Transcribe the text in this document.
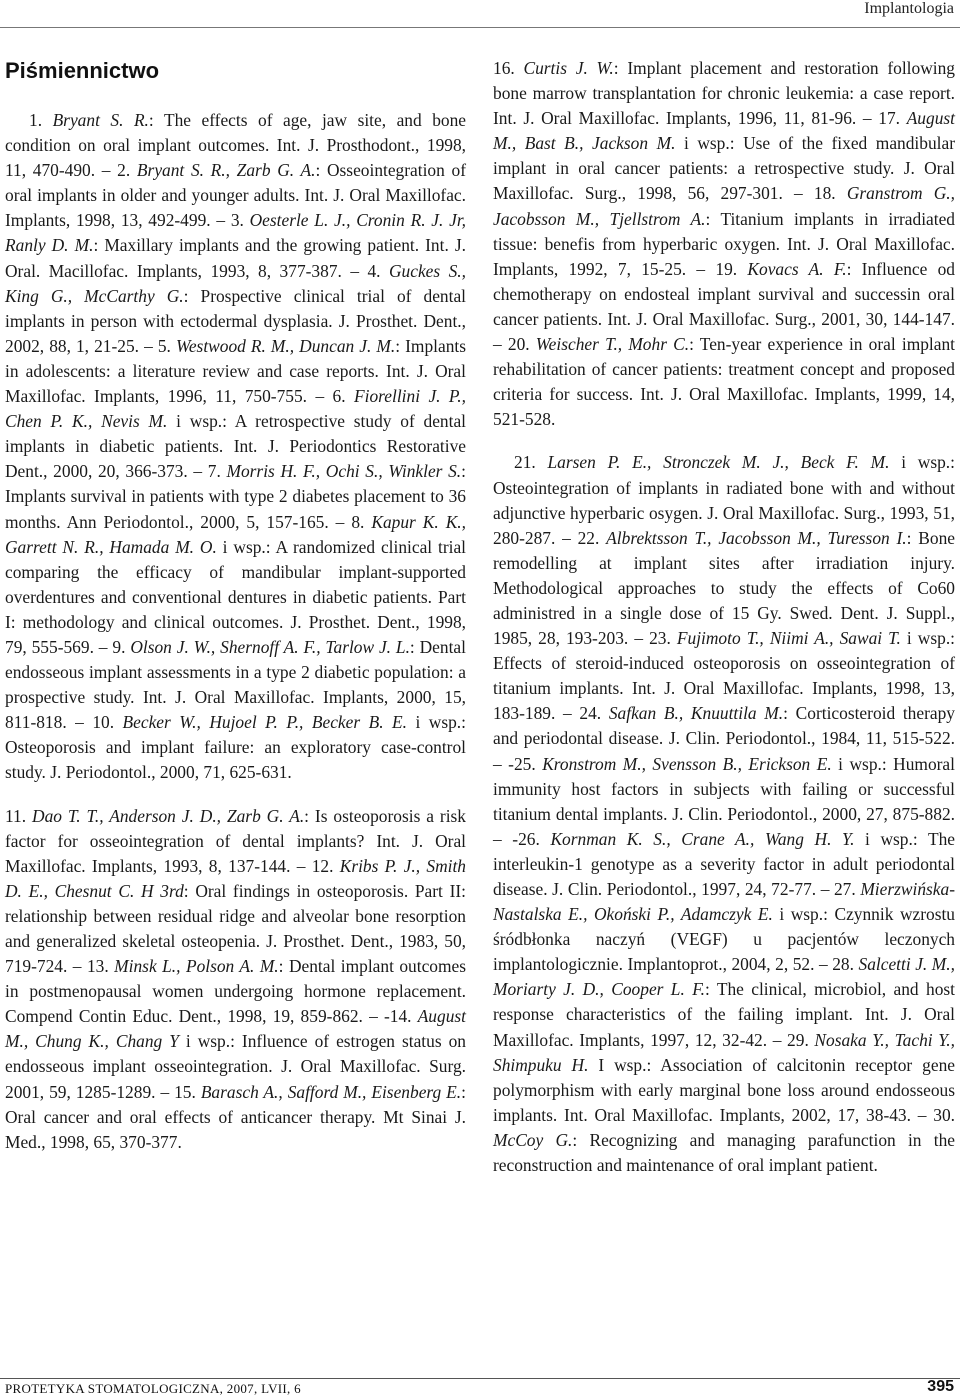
Implantologia
Piśmiennictwo

1. Bryant S. R.: The effects of age, jaw site, and bone condition on oral implant outcomes. Int. J. Prosthodont., 1998, 11, 470-490. – 2. Bryant S. R., Zarb G. A.: Osseointegration of oral implants in older and younger adults. Int. J. Oral Maxillofac. Implants, 1998, 13, 492-499. – 3. Oesterle L. J., Cronin R. J. Jr, Ranly D. M.: Maxillary implants and the growing patient. Int. J. Oral. Macillofac. Implants, 1993, 8, 377-387. – 4. Guckes S., King G., McCarthy G.: Prospective clinical trial of dental implants in person with ectodermal dysplasia. J. Prosthet. Dent., 2002, 88, 1, 21-25. – 5. Westwood R. M., Duncan J. M.: Implants in adolescents: a literature review and case reports. Int. J. Oral Maxillofac. Implants, 1996, 11, 750-755. – 6. Fiorellini J. P., Chen P. K., Nevis M. i wsp.: A retrospective study of dental implants in diabetic patients. Int. J. Periodontics Restorative Dent., 2000, 20, 366-373. – 7. Morris H. F., Ochi S., Winkler S.: Implants survival in patients with type 2 diabetes placement to 36 months. Ann Periodontol., 2000, 5, 157-165. – 8. Kapur K. K., Garrett N. R., Hamada M. O. i wsp.: A randomized clinical trial comparing the efficacy of mandibular implant-supported overdentures and conventional dentures in diabetic patients. Part I: methodology and clinical outcomes. J. Prosthet. Dent., 1998, 79, 555-569. – 9. Olson J. W., Shernoff A. F., Tarlow J. L.: Dental endosseous implant assessments in a type 2 diabetic population: a prospective study. Int. J. Oral Maxillofac. Implants, 2000, 15, 811-818. – 10. Becker W., Hujoel P. P., Becker B. E. i wsp.: Osteoporosis and implant failure: an exploratory case-control study. J. Periodontol., 2000, 71, 625-631.

11. Dao T. T., Anderson J. D., Zarb G. A.: Is osteoporosis a risk factor for osseointegration of dental implants? Int. J. Oral Maxillofac. Implants, 1993, 8, 137-144. – 12. Kribs P. J., Smith D. E., Chesnut C. H 3rd: Oral findings in osteoporosis. Part II: relationship between residual ridge and alveolar bone resorption and generalized skeletal osteopenia. J. Prosthet. Dent., 1983, 50, 719-724. – 13. Minsk L., Polson A. M.: Dental implant outcomes in postmenopausal women undergoing hormone replacement. Compend Contin Educ. Dent., 1998, 19, 859-862. – -14. August M., Chung K., Chang Y i wsp.: Influence of estrogen status on endosseous implant osseointegration. J. Oral Maxillofac. Surg. 2001, 59, 1285-1289. – 15. Barasch A., Safford M., Eisenberg E.: Oral cancer and oral effects of anticancer therapy. Mt Sinai J. Med., 1998, 65, 370-377.

16. Curtis J. W.: Implant placement and restoration following bone marrow transplantation for chronic leukemia: a case report. Int. J. Oral Maxillofac. Implants, 1996, 11, 81-96. – 17. August M., Bast B., Jackson M. i wsp.: Use of the fixed mandibular implant in oral cancer patients: a retrospective study. J. Oral Maxillofac. Surg., 1998, 56, 297-301. – 18. Granstrom G., Jacobsson M., Tjellstrom A.: Titanium implants in irradiated tissue: benefis from hyperbaric oxygen. Int. J. Oral Maxillofac. Implants, 1992, 7, 15-25. – 19. Kovacs A. F.: Influence od chemotherapy on endosteal implant survival and successin oral cancer patients. Int. J. Oral Maxillofac. Surg., 2001, 30, 144-147. – 20. Weischer T., Mohr C.: Ten-year experience in oral implant rehabilitation of cancer patients: treatment concept and proposed criteria for success. Int. J. Oral Maxillofac. Implants, 1999, 14, 521-528.

21. Larsen P. E., Stronczek M. J., Beck F. M. i wsp.: Osteointegration of implants in radiated bone with and without adjunctive hyperbaric osygen. J. Oral Maxillofac. Surg., 1993, 51, 280-287. – 22. Albrektsson T., Jacobsson M., Turesson I.: Bone remodelling at implant sites after irradiation injury. Methodological approaches to study the effects of Co60 administred in a single dose of 15 Gy. Swed. Dent. J. Suppl., 1985, 28, 193-203. – 23. Fujimoto T., Niimi A., Sawai T. i wsp.: Effects of steroid-induced osteoporosis on osseointegration of titanium implants. Int. J. Oral Maxillofac. Implants, 1998, 13, 183-189. – 24. Safkan B., Knuuttila M.: Corticosteroid therapy and periodontal disease. J. Clin. Periodontol., 1984, 11, 515-522. – -25. Kronstrom M., Svensson B., Erickson E. i wsp.: Humoral immunity host factors in subjects with failing or successful titanium dental implants. J. Clin. Periodontol., 2000, 27, 875-882. – -26. Kornman K. S., Crane A., Wang H. Y. i wsp.: The interleukin-1 genotype as a severity factor in adult periodontal disease. J. Clin. Periodontol., 1997, 24, 72-77. – 27. Mierzwińska-Nastalska E., Okoński P., Adamczyk E. i wsp.: Czynnik wzrostu śródbłonka naczyń (VEGF) u pacjentów leczonych implantologicznie. Implantoprot., 2004, 2, 52. – 28. Salcetti J. M., Moriarty J. D., Cooper L. F.: The clinical, microbiol, and host response characteristics of the failing implant. Int. J. Oral Maxillofac. Implants, 1997, 12, 32-42. – 29. Nosaka Y., Tachi Y., Shimpuku H. I wsp.: Association of calcitonin receptor gene polymorphism with early marginal bone loss around endosseous implants. Int. Oral Maxillofac. Implants, 2002, 17, 38-43. – 30. McCoy G.: Recognizing and managing parafunction in the reconstruction and maintenance of oral implant patient.

PROTETYKA STOMATOLOGICZNA, 2007, LVII, 6	395
